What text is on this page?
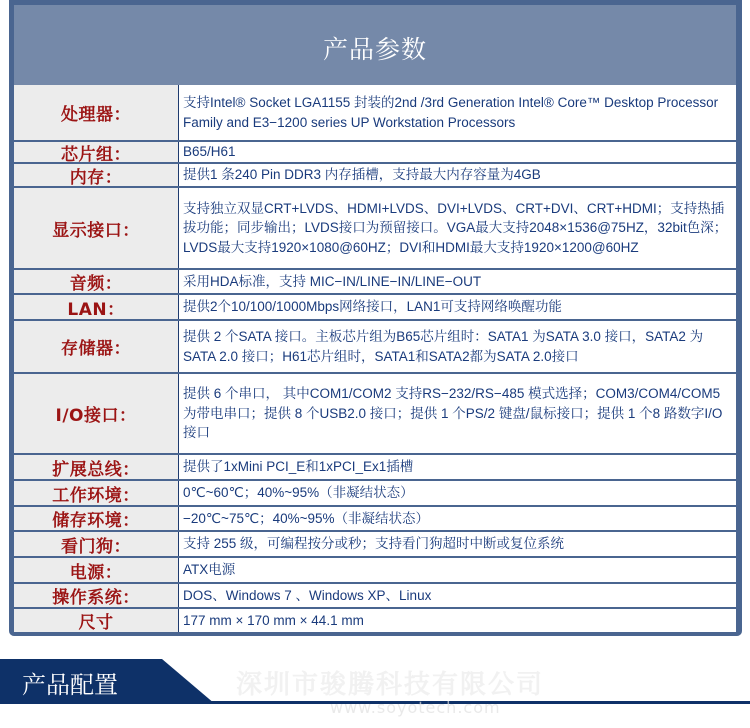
产品参数
处理器：
支持Intel® Socket LGA1155 封装的2nd /3rd Generation Intel® Core™ Desktop Processor Family and E3−1200 series UP Workstation Processors
芯片组：	B65/H61
内存：	提供1 条240 Pin DDR3 内存插槽，支持最大内存容量为4GB
显示接口：
支持独立双显CRT+LVDS、HDMI+LVDS、DVI+LVDS、CRT+DVI、CRT+HDMI；支持热插拔功能；同步输出；LVDS接口为预留接口。VGA最大支持2048×1536@75HZ，32bit色深；LVDS最大支持1920×1080@60HZ；DVI和HDMI最大支持1920×1200@60HZ
音频：	采用HDA标准，支持 MIC−IN/LINE−IN/LINE−OUT
LAN：	提供2个10/100/1000Mbps网络接口，LAN1可支持网络唤醒功能
存储器：
提供 2 个SATA 接口。主板芯片组为B65芯片组时：SATA1 为SATA 3.0 接口，SATA2 为SATA 2.0 接口；H61芯片组时，SATA1和SATA2都为SATA 2.0接口
I/O接口：
提供 6 个串口， 其中COM1/COM2 支持RS−232/RS−485 模式选择；COM3/COM4/COM5 为带电串口；提供 8 个USB2.0 接口；提供 1 个PS/2 键盘/鼠标接口；提供 1 个8 路数字I/O 接口
扩展总线：	提供了1xMini PCI_E和1xPCI_Ex1插槽
工作环境：	0℃~60℃；40%~95%（非凝结状态）
储存环境：	−20℃~75℃；40%~95%（非凝结状态）
看门狗：	支持 255 级，可编程按分或秒；支持看门狗超时中断或复位系统
电源：	ATX电源
操作系统：	DOS、Windows 7 、Windows XP、Linux
尺寸	177 mm × 170 mm × 44.1 mm
产品配置	深圳市骏腾科技有限公司
www.soyotech.com
